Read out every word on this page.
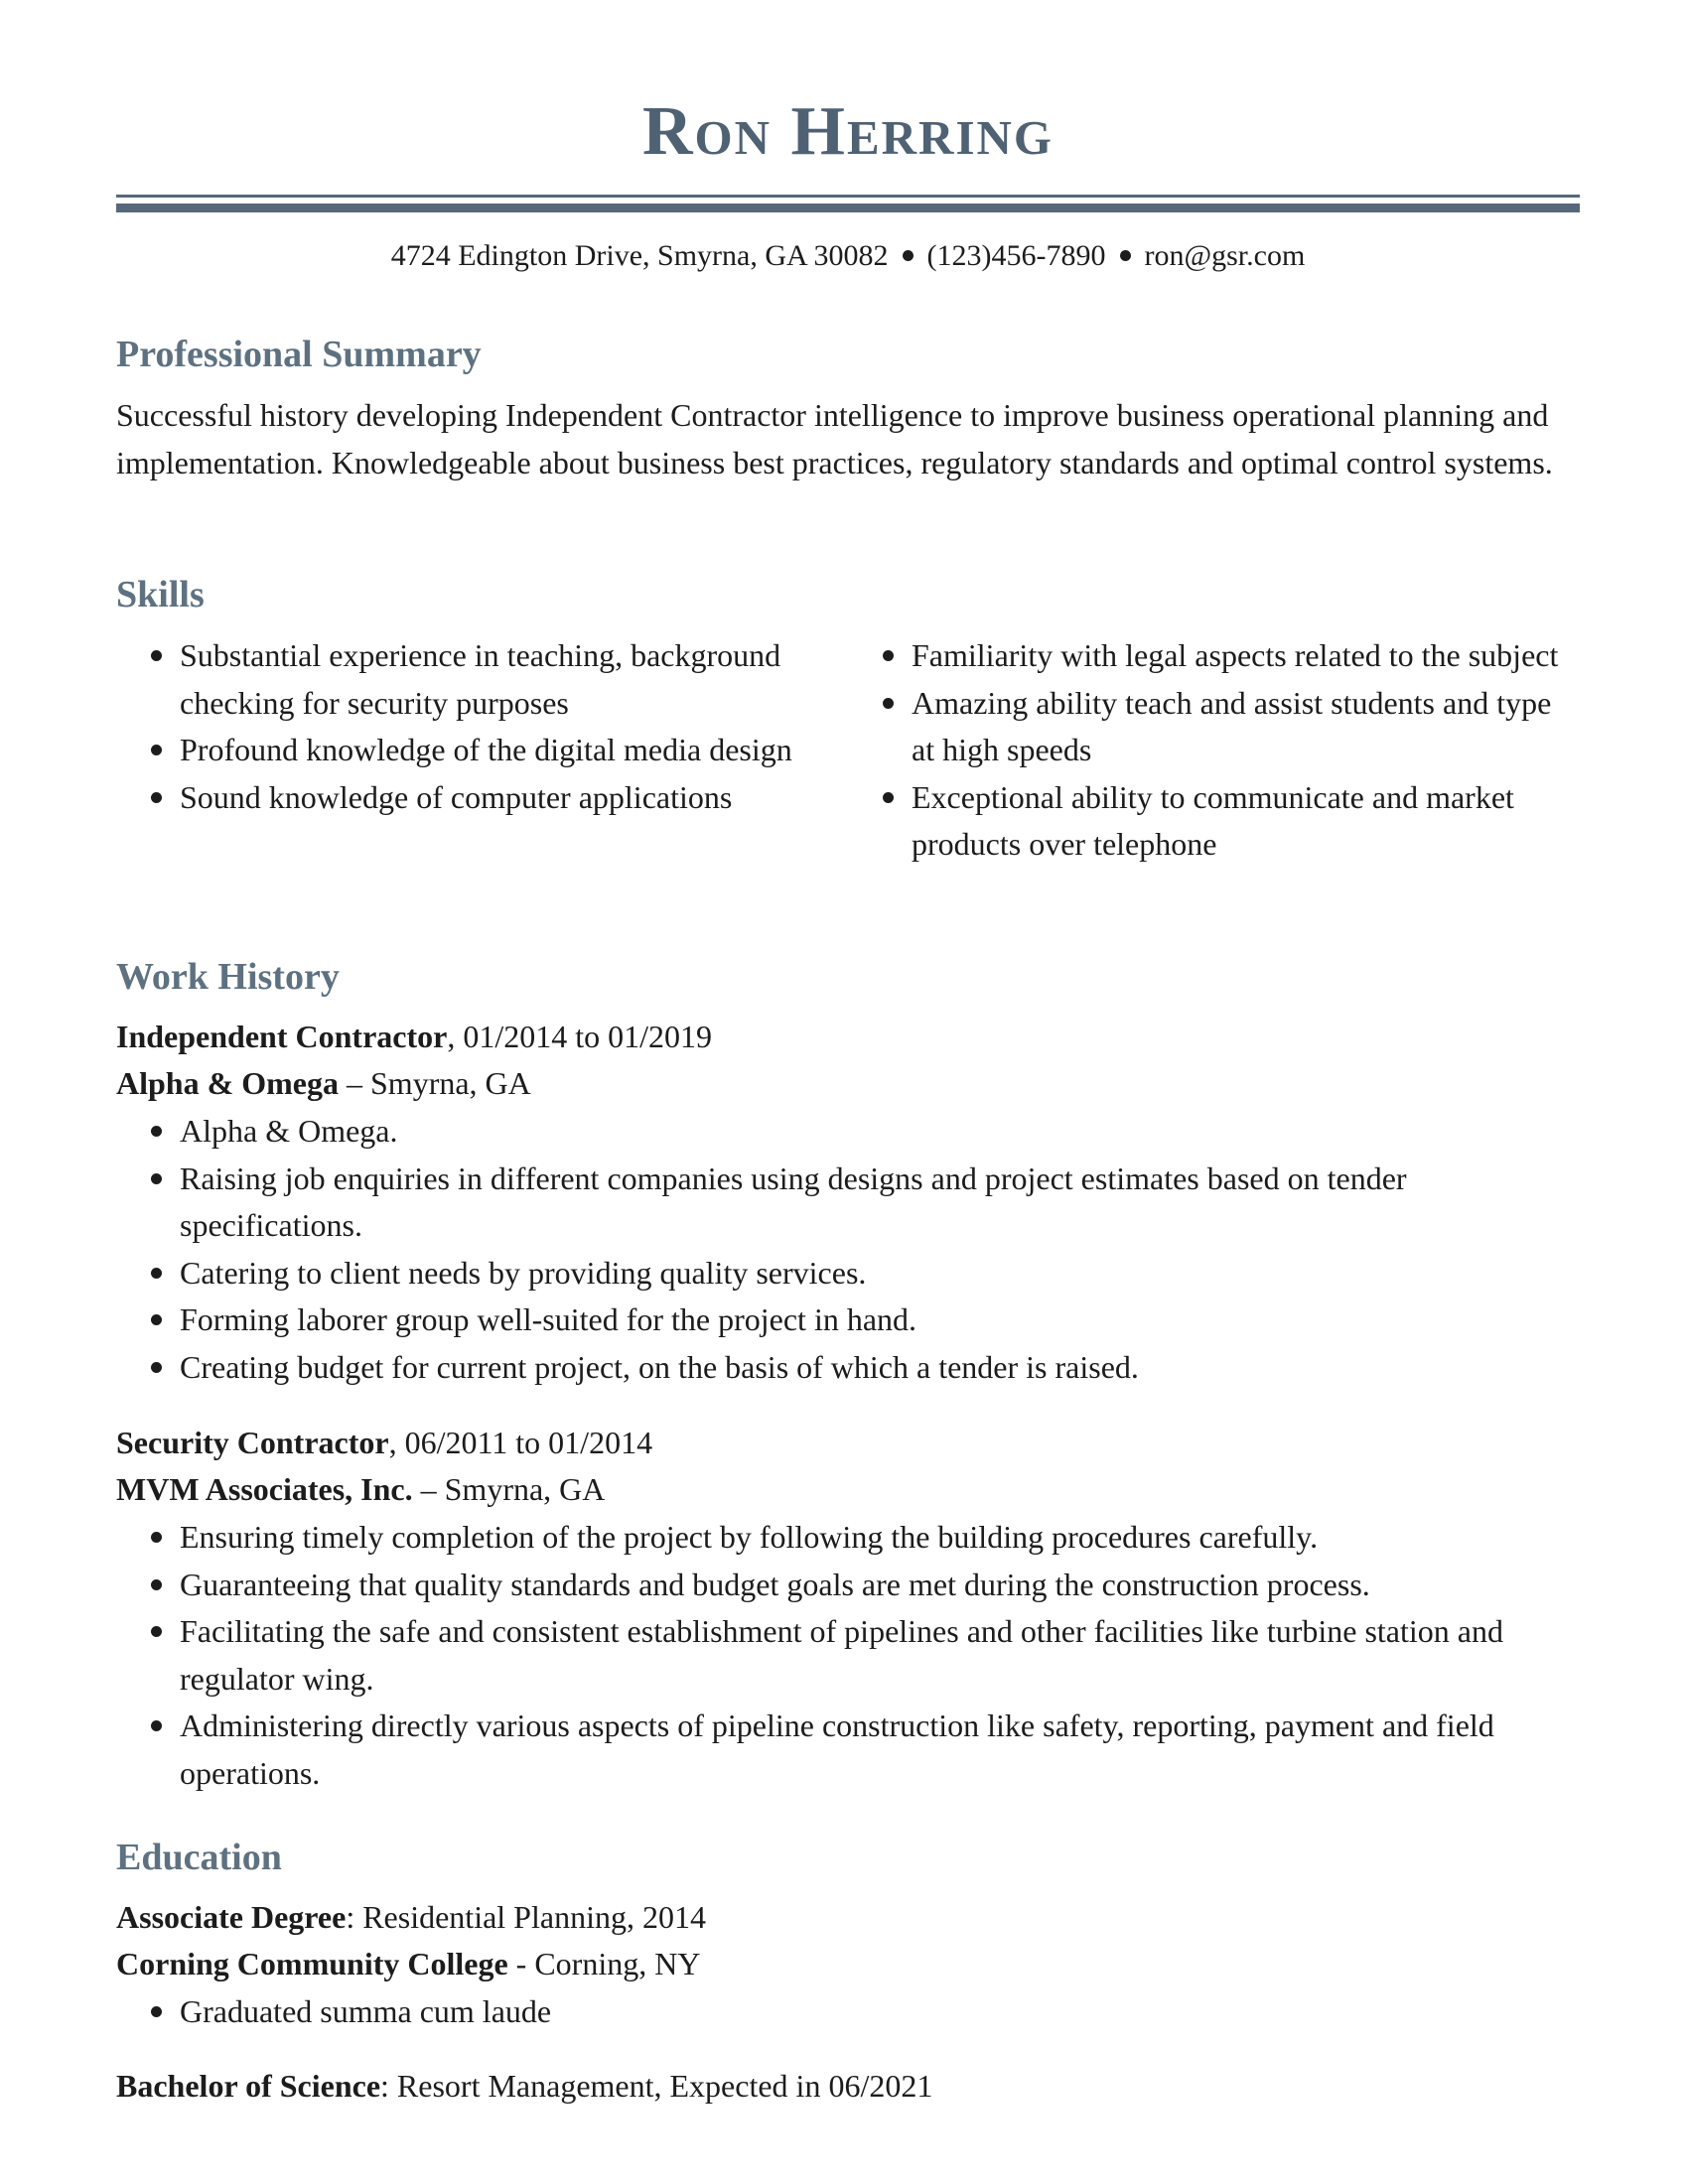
Ron Herring
4724 Edington Drive, Smyrna, GA 30082 (123)456-7890 ron@gsr.com
Professional Summary
Successful history developing Independent Contractor intelligence to improve business operational planning and implementation. Knowledgeable about business best practices, regulatory standards and optimal control systems.
Skills
Substantial experience in teaching, background checking for security purposes
Profound knowledge of the digital media design
Sound knowledge of computer applications
Familiarity with legal aspects related to the subject
Amazing ability teach and assist students and type at high speeds
Exceptional ability to communicate and market products over telephone
Work History
Independent Contractor, 01/2014 to 01/2019
Alpha & Omega – Smyrna, GA
Alpha & Omega.
Raising job enquiries in different companies using designs and project estimates based on tender specifications.
Catering to client needs by providing quality services.
Forming laborer group well-suited for the project in hand.
Creating budget for current project, on the basis of which a tender is raised.
Security Contractor, 06/2011 to 01/2014
MVM Associates, Inc. – Smyrna, GA
Ensuring timely completion of the project by following the building procedures carefully.
Guaranteeing that quality standards and budget goals are met during the construction process.
Facilitating the safe and consistent establishment of pipelines and other facilities like turbine station and regulator wing.
Administering directly various aspects of pipeline construction like safety, reporting, payment and field operations.
Education
Associate Degree: Residential Planning, 2014
Corning Community College - Corning, NY
Graduated summa cum laude
Bachelor of Science: Resort Management, Expected in 06/2021
